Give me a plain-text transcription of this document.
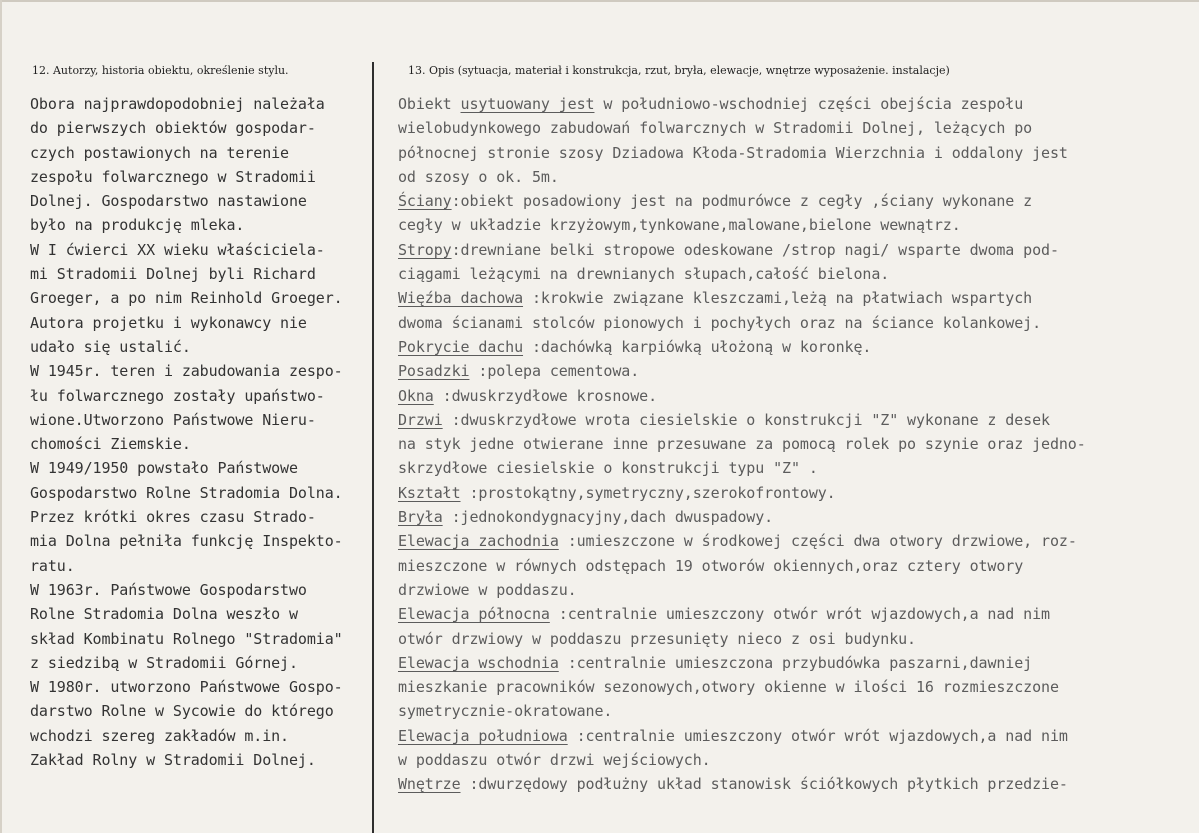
12. Autorzy, historia obiektu, określenie stylu.	13. Opis (sytuacja, materiał i konstrukcja, rzut, bryła, elewacje, wnętrze wyposażenie. instalacje)
Obora najprawdopodobniej należała
do pierwszych obiektów gospodar-
czych postawionych na terenie
zespołu folwarcznego w Stradomii
Dolnej. Gospodarstwo nastawione
było na produkcję mleka.
W I ćwierci XX wieku właściciela-
mi Stradomii Dolnej byli Richard
Groeger, a po nim Reinhold Groeger.
Autora projetku i wykonawcy nie
udało się ustalić.
W 1945r. teren i zabudowania zespo-
łu folwarcznego zostały upaństwo-
wione.Utworzono Państwowe Nieru-
chomości Ziemskie.
W 1949/1950 powstało Państwowe
Gospodarstwo Rolne Stradomia Dolna.
Przez krótki okres czasu Strado-
mia Dolna pełniła funkcję Inspekto-
ratu.
W 1963r. Państwowe Gospodarstwo
Rolne Stradomia Dolna weszło w
skład Kombinatu Rolnego "Stradomia"
z siedzibą w Stradomii Górnej.
W 1980r. utworzono Państwowe Gospo-
darstwo Rolne w Sycowie do którego
wchodzi szereg zakładów m.in.
Zakład Rolny w Stradomii Dolnej.
Obiekt usytuowany jest w południowo-wschodniej części obejścia zespołu
wielobudynkowego zabudowań folwarcznych w Stradomii Dolnej, leżących po
północnej stronie szosy Dziadowa Kłoda-Stradomia Wierzchnia i oddalony jest
od szosy o ok. 5m.
Ściany:obiekt posadowiony jest na podmurówce z cegły ,ściany wykonane z
cegły w układzie krzyżowym,tynkowane,malowane,bielone wewnątrz.
Stropy:drewniane belki stropowe odeskowane /strop nagi/ wsparte dwoma pod-
ciągami leżącymi na drewnianych słupach,całość bielona.
Więźba dachowa :krokwie związane kleszczami,leżą na płatwiach wspartych
dwoma ścianami stolców pionowych i pochyłych oraz na ściance kolankowej.
Pokrycie dachu :dachówką karpiówką ułożoną w koronkę.
Posadzki :polepa cementowa.
Okna :dwuskrzydłowe krosnowe.
Drzwi :dwuskrzydłowe wrota ciesielskie o konstrukcji "Z" wykonane z desek
na styk jedne otwierane inne przesuwane za pomocą rolek po szynie oraz jedno-
skrzydłowe ciesielskie o konstrukcji typu "Z" .
Kształt :prostokątny,symetryczny,szerokofrontowy.
Bryła :jednokondygnacyjny,dach dwuspadowy.
Elewacja zachodnia :umieszczone w środkowej części dwa otwory drzwiowe, roz-
mieszczone w równych odstępach 19 otworów okiennych,oraz cztery otwory
drzwiowe w poddaszu.
Elewacja północna :centralnie umieszczony otwór wrót wjazdowych,a nad nim
otwór drzwiowy w poddaszu przesunięty nieco z osi budynku.
Elewacja wschodnia :centralnie umieszczona przybudówka paszarni,dawniej
mieszkanie pracowników sezonowych,otwory okienne w ilości 16 rozmieszczone
symetrycznie-okratowane.
Elewacja południowa :centralnie umieszczony otwór wrót wjazdowych,a nad nim
w poddaszu otwór drzwi wejściowych.
Wnętrze :dwurzędowy podłużny układ stanowisk ściółkowych płytkich przedzie-
